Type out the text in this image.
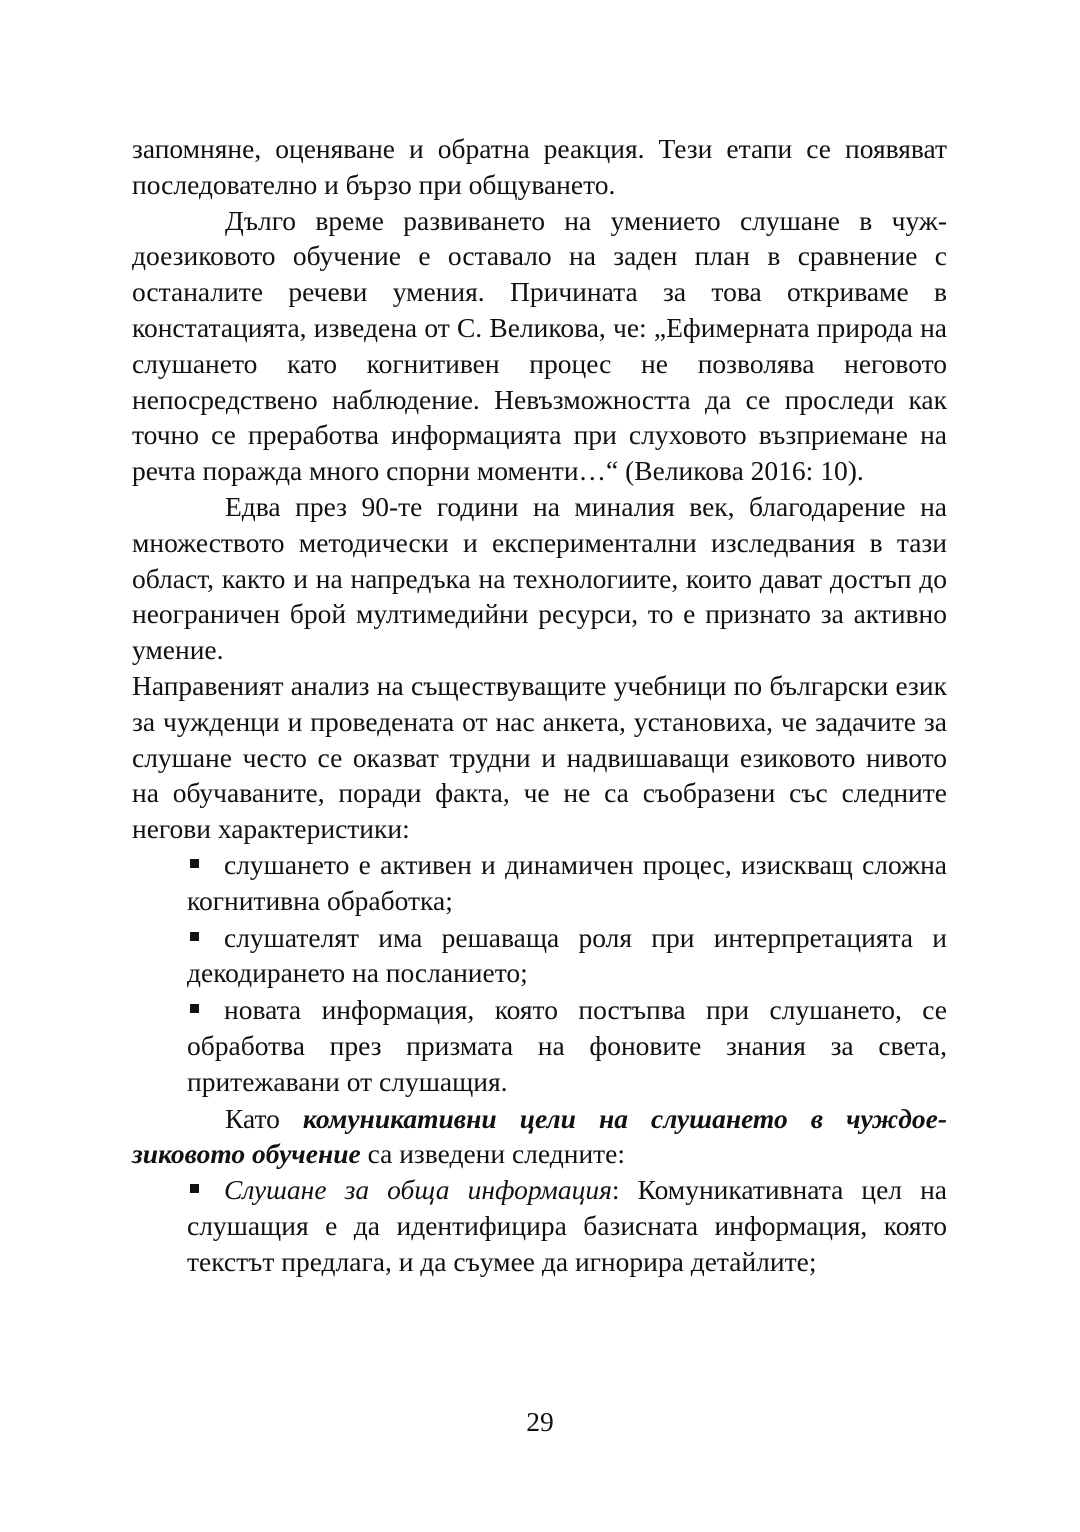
запомняне, оценяване и обратна реакция. Тези етапи се появяват последователно и бързо при общуването.

Дълго време развиването на умението слушане в чуждоезиковото обучение е оставало на заден план в сравнение с останалите речеви умения. Причината за това откриваме в констатацията, изведена от С. Великова, че: „Ефимерната природа на слушането като когнитивен процес не позволява неговото непосредствено наблюдение. Невъзможността да се проследи как точно се преработва информацията при слуховото възприемане на речта поражда много спорни моменти…“ (Великова 2016: 10).

Едва през 90-те години на миналия век, благодарение на множеството методически и експериментални изследвания в тази област, както и на напредъка на технологиите, които дават достъп до неограничен брой мултимедийни ресурси, то е признато за активно умение.

Направеният анализ на съществуващите учебници по български език за чужденци и проведената от нас анкета, установиха, че задачите за слушане често се оказват трудни и надвишаващи езиковото нивото на обучаваните, поради факта, че не са съобразени със следните негови характеристики:

слушането е активен и динамичен процес, изискващ сложна когнитивна обработка;
слушателят има решаваща роля при интерпретацията и декодирането на посланието;
новата информация, която постъпва при слушането, се обработва през призмата на фоновите знания за света, притежавани от слушащия.

Като комуникативни цели на слушането в чуждоезиковото обучение са изведени следните:

Слушане за обща информация: Комуникативната цел на слушащия е да идентифицира базисната информация, която текстът предлага, и да съумее да игнорира детайлите;
29
